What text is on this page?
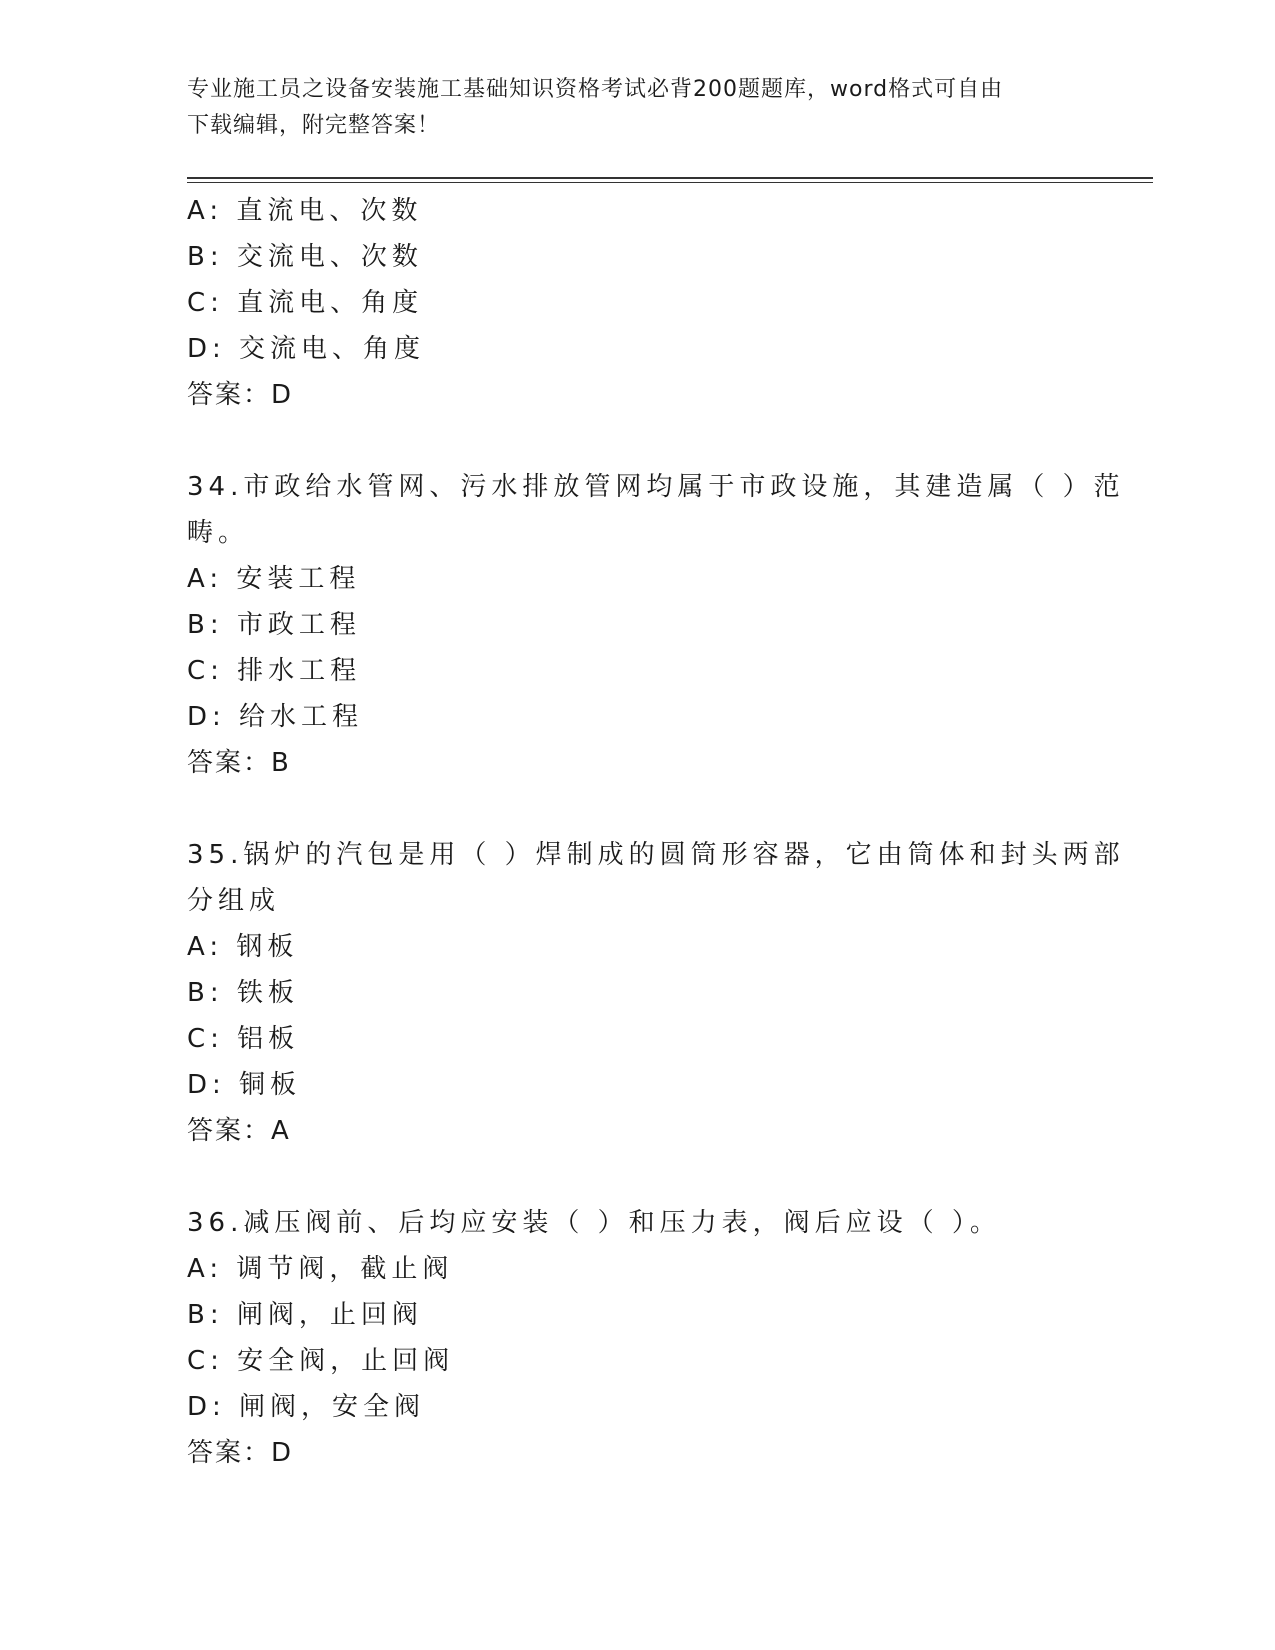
专业施工员之设备安装施工基础知识资格考试必背200题题库，word格式可自由
下载编辑，附完整答案！
A: 直流电、次数
B: 交流电、次数
C: 直流电、角度
D: 交流电、角度
答案：D
34.市政给水管网、污水排放管网均属于市政设施，其建造属（ ）范
畴。
A: 安装工程
B: 市政工程
C: 排水工程
D: 给水工程
答案：B
35.锅炉的汽包是用（ ）焊制成的圆筒形容器，它由筒体和封头两部
分组成
A: 钢板
B: 铁板
C: 铝板
D: 铜板
答案：A
36.减压阀前、后均应安装（ ）和压力表，阀后应设（ ）。
A: 调节阀，截止阀
B: 闸阀，止回阀
C: 安全阀，止回阀
D: 闸阀，安全阀
答案：D
